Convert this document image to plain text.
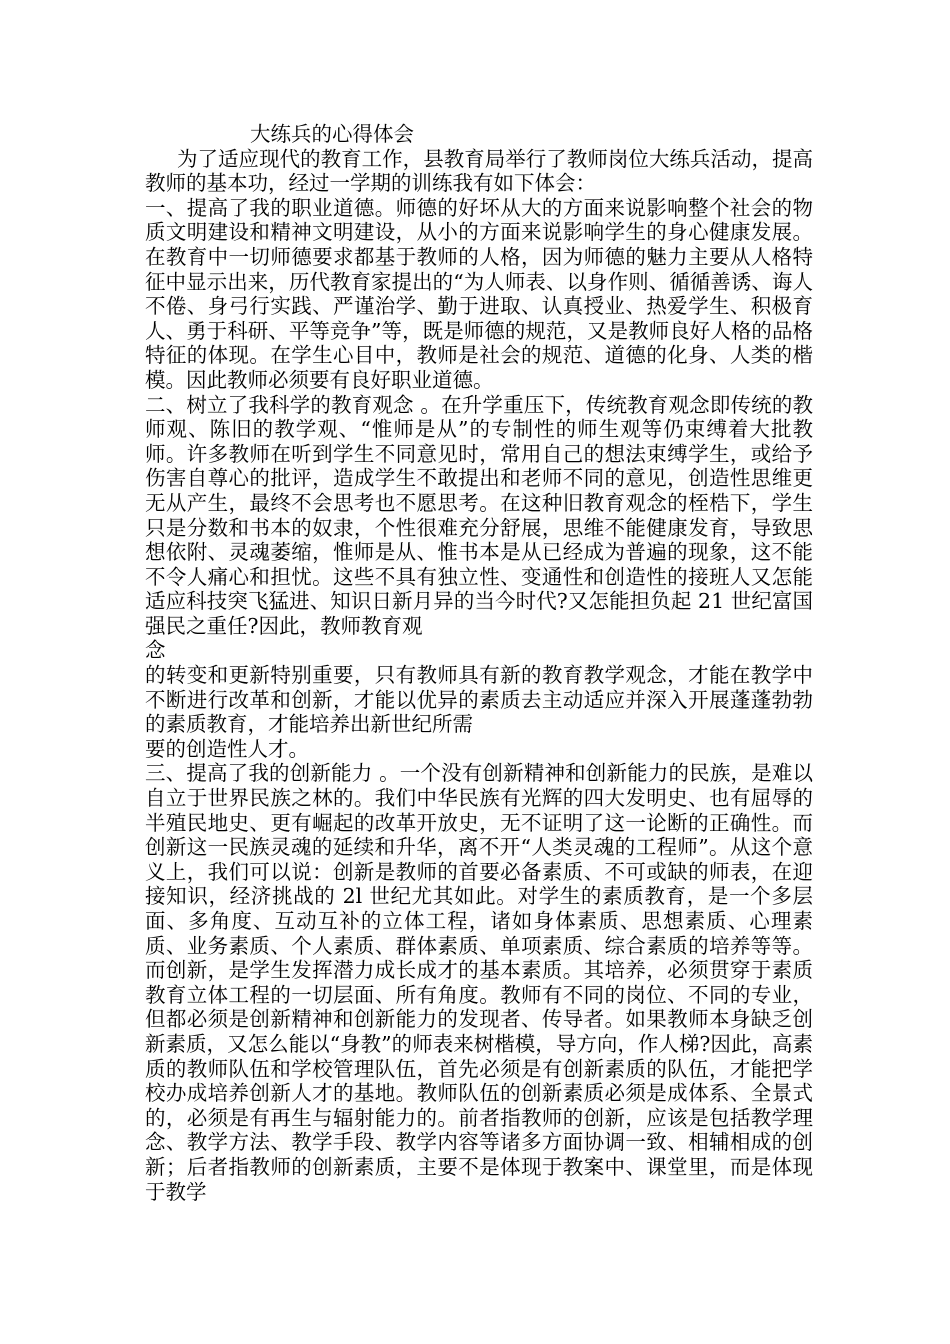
大练兵的心得体会

为了适应现代的教育工作，县教育局举行了教师岗位大练兵活动，提高教师的基本功，经过一学期的训练我有如下体会：

一、提高了我的职业道德。师德的好坏从大的方面来说影响整个社会的物质文明建设和精神文明建设，从小的方面来说影响学生的身心健康发展。在教育中一切师德要求都基于教师的人格，因为师德的魅力主要从人格特征中显示出来，历代教育家提出的“为人师表、以身作则、循循善诱、诲人不倦、身弓行实践、严谨治学、勤于进取、认真授业、热爱学生、积极育人、勇于科研、平等竞争”等，既是师德的规范，又是教师良好人格的品格特征的体现。在学生心目中，教师是社会的规范、道德的化身、人类的楷模。因此教师必须要有良好职业道德。

二、树立了我科学的教育观念 。在升学重压下，传统教育观念即传统的教师观、陈旧的教学观、“惟师是从”的专制性的师生观等仍束缚着大批教师。许多教师在听到学生不同意见时，常用自己的想法束缚学生，或给予伤害自尊心的批评，造成学生不敢提出和老师不同的意见，创造性思维更无从产生，最终不会思考也不愿思考。在这种旧教育观念的桎梏下，学生只是分数和书本的奴隶，个性很难充分舒展，思维不能健康发育，导致思想依附、灵魂萎缩，惟师是从、惟书本是从已经成为普遍的现象，这不能不令人痛心和担忧。这些不具有独立性、变通性和创造性的接班人又怎能适应科技突飞猛进、知识日新月异的当今时代?又怎能担负起 21 世纪富国强民之重任?因此，教师教育观

念

的转变和更新特别重要，只有教师具有新的教育教学观念，才能在教学中不断进行改革和创新，才能以优异的素质去主动适应并深入开展蓬蓬勃勃的素质教育，才能培养出新世纪所需

要的创造性人才。

三、提高了我的创新能力 。一个没有创新精神和创新能力的民族，是难以自立于世界民族之林的。我们中华民族有光辉的四大发明史、也有屈辱的半殖民地史、更有崛起的改革开放史，无不证明了这一论断的正确性。而创新这一民族灵魂的延续和升华，离不开“人类灵魂的工程师”。从这个意义上，我们可以说：创新是教师的首要必备素质、不可或缺的师表，在迎接知识，经济挑战的 2l 世纪尤其如此。对学生的素质教育，是一个多层面、多角度、互动互补的立体工程，诸如身体素质、思想素质、心理素质、业务素质、个人素质、群体素质、单项素质、综合素质的培养等等。而创新，是学生发挥潜力成长成才的基本素质。其培养，必须贯穿于素质教育立体工程的一切层面、所有角度。教师有不同的岗位、不同的专业，但都必须是创新精神和创新能力的发现者、传导者。如果教师本身缺乏创新素质，又怎么能以“身教”的师表来树楷模，导方向，作人梯?因此，高素质的教师队伍和学校管理队伍，首先必须是有创新素质的队伍，才能把学校办成培养创新人才的基地。教师队伍的创新素质必须是成体系、全景式的，必须是有再生与辐射能力的。前者指教师的创新，应该是包括教学理念、教学方法、教学手段、教学内容等诸多方面协调一致、相辅相成的创新；后者指教师的创新素质，主要不是体现于教案中、课堂里，而是体现于教学
